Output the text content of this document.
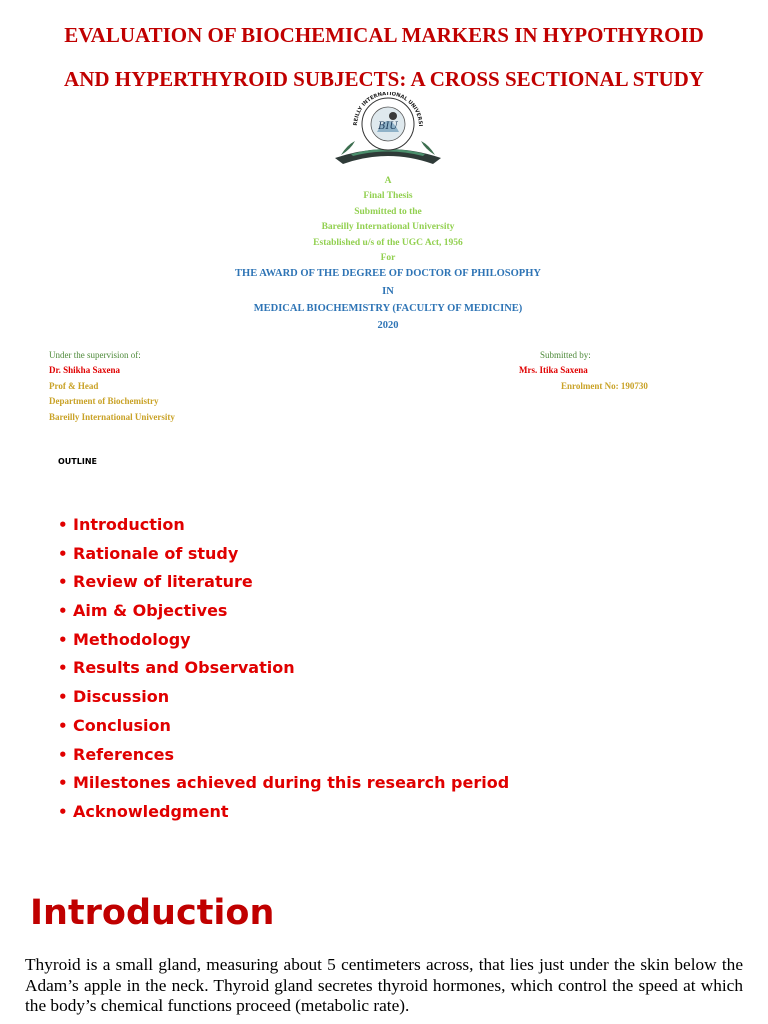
EVALUATION OF BIOCHEMICAL MARKERS IN HYPOTHYROID
AND HYPERTHYROID SUBJECTS: A CROSS SECTIONAL STUDY
BIU
REILLY INTERNATIONAL UNIVERSI
A
Final Thesis
Submitted to the
Bareilly International University
Established u/s of the UGC Act, 1956
For
THE AWARD OF THE DEGREE OF DOCTOR OF PHILOSOPHY
IN
MEDICAL BIOCHEMISTRY (FACULTY OF MEDICINE)
2020
Under the supervision of:
Dr. Shikha Saxena
Prof & Head
Department of Biochemistry
Bareilly International University
Submitted by:
Mrs. Itika Saxena
Enrolment No: 190730
OUTLINE
• Introduction
• Rationale of study
• Review of literature
• Aim & Objectives
• Methodology
• Results and Observation
• Discussion
• Conclusion
• References
• Milestones achieved during this research period
• Acknowledgment
Introduction

Thyroid is a small gland, measuring about 5 centimeters across, that lies just under the skin below the Adam’s apple in the neck. Thyroid gland secretes thyroid hormones, which control the speed at which the body’s chemical functions proceed (metabolic rate).
